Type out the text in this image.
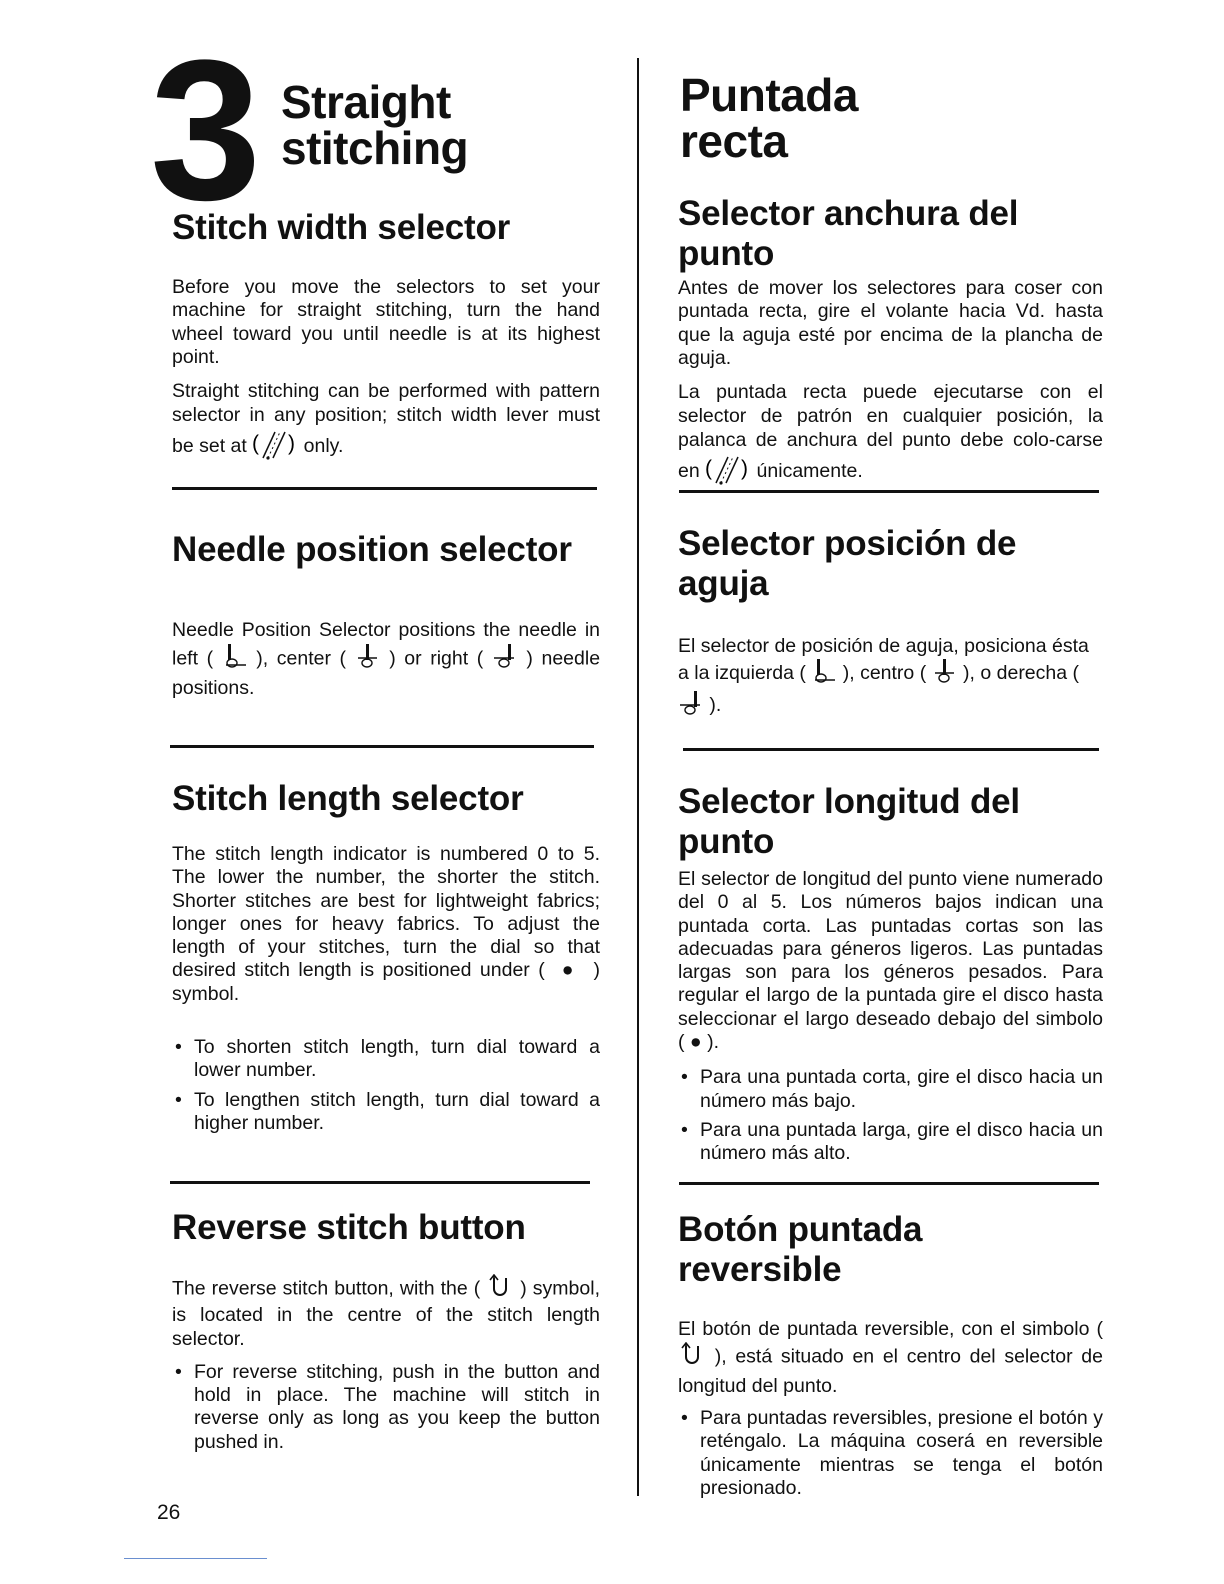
3 Straight
stitching
Stitch width selector

Before you move the selectors to set your machine for straight stitching, turn the hand wheel toward you until needle is at its highest point.

Straight stitching can be performed with pattern selector in any position; stitch width lever must be set at ( ) only.

Needle position selector

Needle Position Selector positions the needle in left ( ), center ( ) or right ( ) needle positions.

Stitch length selector

The stitch length indicator is numbered 0 to 5. The lower the number, the shorter the stitch. Shorter stitches are best for lightweight fabrics; longer ones for heavy fabrics. To adjust the length of your stitches, turn the dial so that desired stitch length is positioned under (  ●  ) symbol.

• To shorten stitch length, turn dial toward a lower number.
• To lengthen stitch length, turn dial toward a higher number.
Reverse stitch button

The reverse stitch button, with the ( ) symbol, is located in the centre of the stitch length selector.

• For reverse stitching, push in the button and hold in place. The machine will stitch in reverse only as long as you keep the button pushed in.
26
Puntada
recta
Selector anchura del
punto

Antes de mover los selectores para coser con puntada recta, gire el volante hacia Vd. hasta que la aguja esté por encima de la plancha de aguja.

La puntada recta puede ejecutarse con el selector de patrón en cualquier posición, la palanca de anchura del punto debe colo-carse en ( ) únicamente.

Selector posición de
aguja

El selector de posición de aguja, posiciona ésta a la izquierda ( ), centro ( ), o derecha (  ).

Selector longitud del
punto

El selector de longitud del punto viene numerado del 0 al 5. Los números bajos indican una puntada corta. Las puntadas cortas son las adecuadas para géneros ligeros. Las puntadas largas son para los géneros pesados. Para regular el largo de la puntada gire el disco hasta seleccionar el largo deseado debajo del simbolo ( ● ).

• Para una puntada corta, gire el disco hacia un número más bajo.
• Para una puntada larga, gire el disco hacia un número más alto.
Botón puntada
reversible

El botón de puntada reversible, con el simbolo (  ), está situado en el centro del selector de longitud del punto.

• Para puntadas reversibles, presione el botón y reténgalo. La máquina coserá en reversible únicamente mientras se tenga el botón presionado.
